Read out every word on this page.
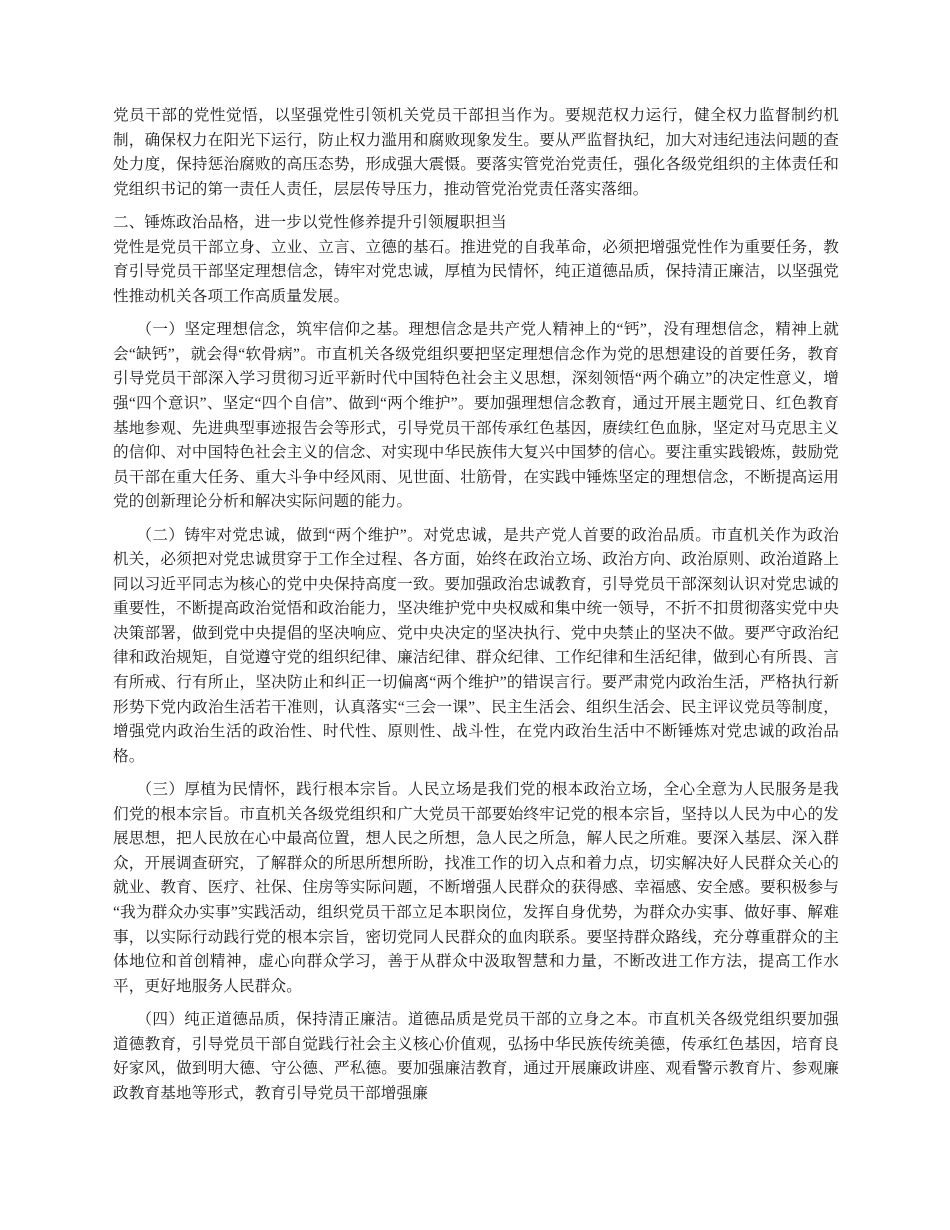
党员干部的党性觉悟，以坚强党性引领机关党员干部担当作为。要规范权力运行，健全权力监督制约机制，确保权力在阳光下运行，防止权力滥用和腐败现象发生。要从严监督执纪，加大对违纪违法问题的查处力度，保持惩治腐败的高压态势，形成强大震慑。要落实管党治党责任，强化各级党组织的主体责任和党组织书记的第一责任人责任，层层传导压力，推动管党治党责任落实落细。

二、锤炼政治品格，进一步以党性修养提升引领履职担当

党性是党员干部立身、立业、立言、立德的基石。推进党的自我革命，必须把增强党性作为重要任务，教育引导党员干部坚定理想信念，铸牢对党忠诚，厚植为民情怀，纯正道德品质，保持清正廉洁，以坚强党性推动机关各项工作高质量发展。

（一）坚定理想信念，筑牢信仰之基。理想信念是共产党人精神上的“钙”，没有理想信念，精神上就会“缺钙”，就会得“软骨病”。市直机关各级党组织要把坚定理想信念作为党的思想建设的首要任务，教育引导党员干部深入学习贯彻习近平新时代中国特色社会主义思想，深刻领悟“两个确立”的决定性意义，增强“四个意识”、坚定“四个自信”、做到“两个维护”。要加强理想信念教育，通过开展主题党日、红色教育基地参观、先进典型事迹报告会等形式，引导党员干部传承红色基因，赓续红色血脉，坚定对马克思主义的信仰、对中国特色社会主义的信念、对实现中华民族伟大复兴中国梦的信心。要注重实践锻炼，鼓励党员干部在重大任务、重大斗争中经风雨、见世面、壮筋骨，在实践中锤炼坚定的理想信念，不断提高运用党的创新理论分析和解决实际问题的能力。

（二）铸牢对党忠诚，做到“两个维护”。对党忠诚，是共产党人首要的政治品质。市直机关作为政治机关，必须把对党忠诚贯穿于工作全过程、各方面，始终在政治立场、政治方向、政治原则、政治道路上同以习近平同志为核心的党中央保持高度一致。要加强政治忠诚教育，引导党员干部深刻认识对党忠诚的重要性，不断提高政治觉悟和政治能力，坚决维护党中央权威和集中统一领导，不折不扣贯彻落实党中央决策部署，做到党中央提倡的坚决响应、党中央决定的坚决执行、党中央禁止的坚决不做。要严守政治纪律和政治规矩，自觉遵守党的组织纪律、廉洁纪律、群众纪律、工作纪律和生活纪律，做到心有所畏、言有所戒、行有所止，坚决防止和纠正一切偏离“两个维护”的错误言行。要严肃党内政治生活，严格执行新形势下党内政治生活若干准则，认真落实“三会一课”、民主生活会、组织生活会、民主评议党员等制度，增强党内政治生活的政治性、时代性、原则性、战斗性，在党内政治生活中不断锤炼对党忠诚的政治品格。

（三）厚植为民情怀，践行根本宗旨。人民立场是我们党的根本政治立场，全心全意为人民服务是我们党的根本宗旨。市直机关各级党组织和广大党员干部要始终牢记党的根本宗旨，坚持以人民为中心的发展思想，把人民放在心中最高位置，想人民之所想，急人民之所急，解人民之所难。要深入基层、深入群众，开展调查研究，了解群众的所思所想所盼，找准工作的切入点和着力点，切实解决好人民群众关心的就业、教育、医疗、社保、住房等实际问题，不断增强人民群众的获得感、幸福感、安全感。要积极参与“我为群众办实事”实践活动，组织党员干部立足本职岗位，发挥自身优势，为群众办实事、做好事、解难事，以实际行动践行党的根本宗旨，密切党同人民群众的血肉联系。要坚持群众路线，充分尊重群众的主体地位和首创精神，虚心向群众学习，善于从群众中汲取智慧和力量，不断改进工作方法，提高工作水平，更好地服务人民群众。

（四）纯正道德品质，保持清正廉洁。道德品质是党员干部的立身之本。市直机关各级党组织要加强道德教育，引导党员干部自觉践行社会主义核心价值观，弘扬中华民族传统美德，传承红色基因，培育良好家风，做到明大德、守公德、严私德。要加强廉洁教育，通过开展廉政讲座、观看警示教育片、参观廉政教育基地等形式，教育引导党员干部增强廉
